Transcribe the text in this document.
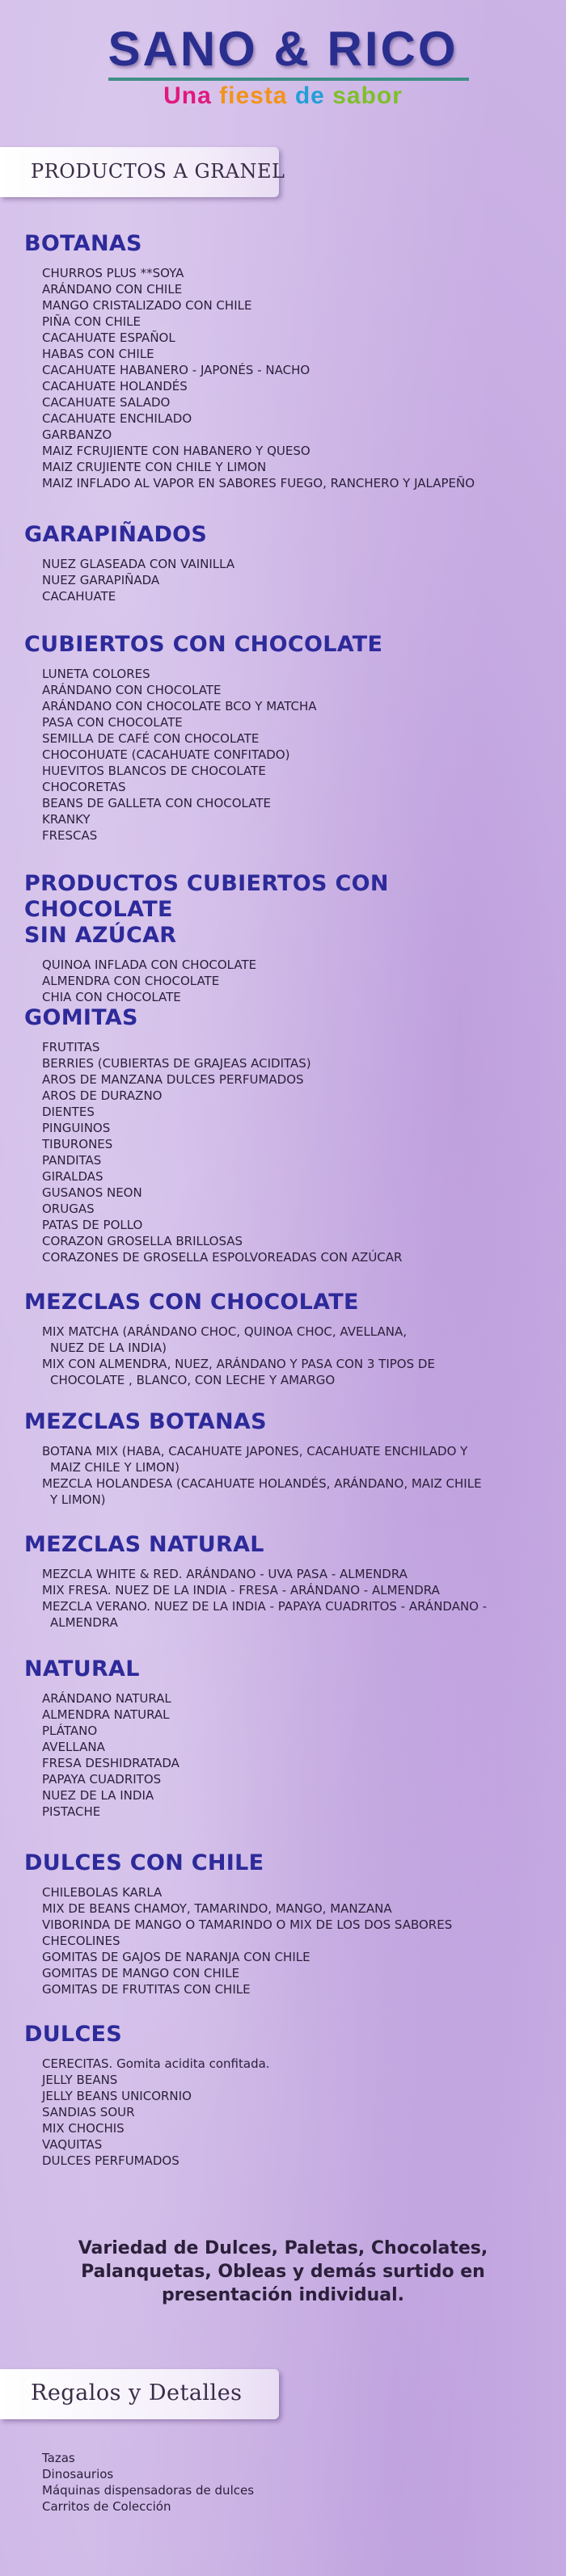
SANO & RICO
Una fiesta de sabor
PRODUCTOS A GRANEL
BOTANAS
CHURROS PLUS **SOYA
ARÁNDANO CON CHILE
MANGO CRISTALIZADO CON CHILE
PIÑA CON CHILE
CACAHUATE ESPAÑOL
HABAS CON CHILE
CACAHUATE HABANERO - JAPONÉS - NACHO
CACAHUATE HOLANDÉS
CACAHUATE SALADO
CACAHUATE ENCHILADO
GARBANZO
MAIZ FCRUJIENTE CON HABANERO Y QUESO
MAIZ CRUJIENTE CON CHILE Y LIMON
MAIZ INFLADO AL VAPOR EN SABORES FUEGO, RANCHERO Y JALAPEÑO
GARAPIÑADOS
NUEZ GLASEADA CON VAINILLA
NUEZ GARAPIÑADA
CACAHUATE
CUBIERTOS CON CHOCOLATE
LUNETA COLORES
ARÁNDANO CON CHOCOLATE
ARÁNDANO CON CHOCOLATE BCO Y MATCHA
PASA CON CHOCOLATE
SEMILLA DE CAFÉ CON CHOCOLATE
CHOCOHUATE (CACAHUATE CONFITADO)
HUEVITOS BLANCOS DE CHOCOLATE
CHOCORETAS
BEANS DE GALLETA CON CHOCOLATE
KRANKY
FRESCAS
PRODUCTOS CUBIERTOS CON CHOCOLATE
SIN AZÚCAR
QUINOA INFLADA CON CHOCOLATE
ALMENDRA CON CHOCOLATE
CHIA CON CHOCOLATE
GOMITAS
FRUTITAS
BERRIES (CUBIERTAS DE GRAJEAS ACIDITAS)
AROS DE MANZANA DULCES PERFUMADOS
AROS DE DURAZNO
DIENTES
PINGUINOS
TIBURONES
PANDITAS
GIRALDAS
GUSANOS NEON
ORUGAS
PATAS DE POLLO
CORAZON GROSELLA BRILLOSAS
CORAZONES DE GROSELLA ESPOLVOREADAS CON AZÚCAR
MEZCLAS CON CHOCOLATE
MIX MATCHA (ARÁNDANO CHOC, QUINOA CHOC, AVELLANA,
NUEZ DE LA INDIA)
MIX CON ALMENDRA, NUEZ, ARÁNDANO Y PASA CON 3 TIPOS DE
CHOCOLATE , BLANCO, CON LECHE Y AMARGO
MEZCLAS BOTANAS
BOTANA MIX (HABA, CACAHUATE JAPONES, CACAHUATE ENCHILADO Y
MAIZ CHILE Y LIMON)
MEZCLA HOLANDESA (CACAHUATE HOLANDÉS, ARÁNDANO, MAIZ CHILE
Y LIMON)
MEZCLAS NATURAL
MEZCLA WHITE & RED. ARÁNDANO - UVA PASA - ALMENDRA
MIX FRESA. NUEZ DE LA INDIA - FRESA - ARÁNDANO - ALMENDRA
MEZCLA VERANO. NUEZ DE LA INDIA - PAPAYA CUADRITOS - ARÁNDANO -
ALMENDRA
NATURAL
ARÁNDANO NATURAL
ALMENDRA NATURAL
PLÁTANO
AVELLANA
FRESA DESHIDRATADA
PAPAYA CUADRITOS
NUEZ DE LA INDIA
PISTACHE
DULCES CON CHILE
CHILEBOLAS KARLA
MIX DE BEANS CHAMOY, TAMARINDO, MANGO, MANZANA
VIBORINDA DE MANGO O TAMARINDO O MIX DE LOS DOS SABORES
CHECOLINES
GOMITAS DE GAJOS DE NARANJA CON CHILE
GOMITAS DE MANGO CON CHILE
GOMITAS DE FRUTITAS CON CHILE
DULCES
CERECITAS. Gomita acidita confitada.
JELLY BEANS
JELLY BEANS UNICORNIO
SANDIAS SOUR
MIX CHOCHIS
VAQUITAS
DULCES PERFUMADOS
Variedad de Dulces, Paletas, Chocolates,
Palanquetas, Obleas y demás surtido en
presentación individual.
Regalos y Detalles
Tazas
Dinosaurios
Máquinas dispensadoras de dulces
Carritos de Colección
